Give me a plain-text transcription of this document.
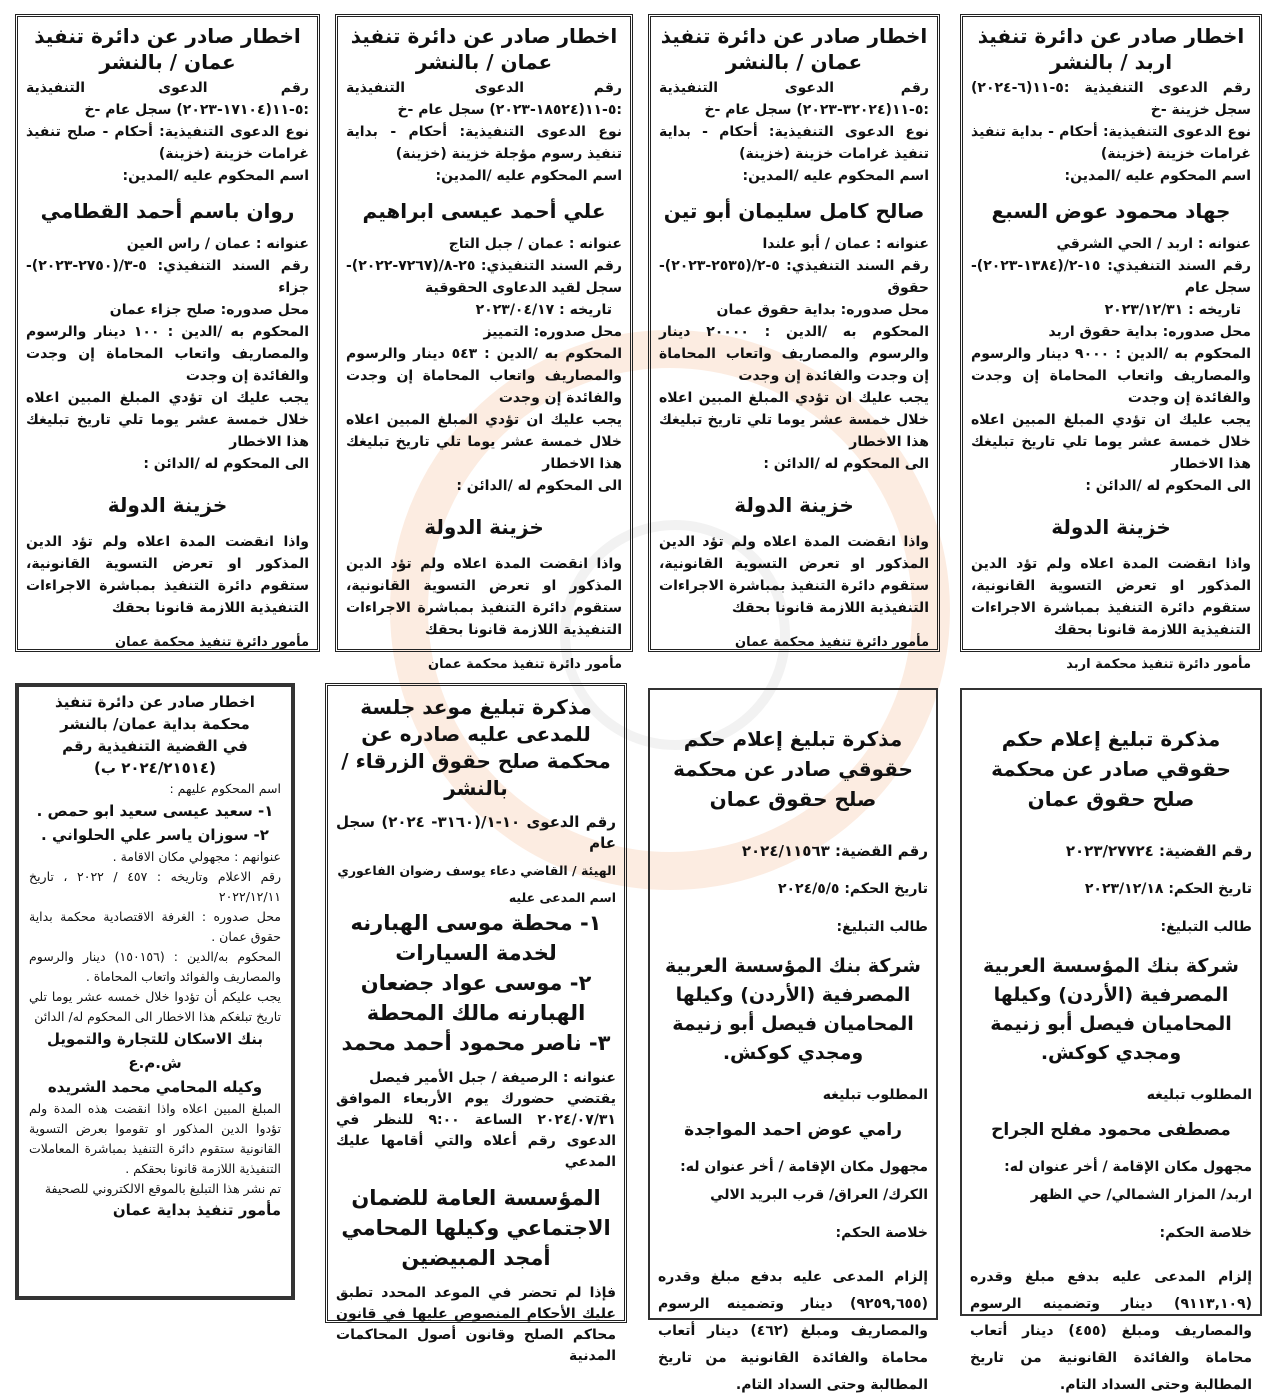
اخطار صادر عن دائرة تنفيذ اربد / بالنشر
رقم الدعوى التنفيذية :٥-١١(٦-٢٠٢٤) سجل خزينة -خ
نوع الدعوى التنفيذية: أحكام - بداية تنفيذ غرامات خزينة (خزينة)
اسم المحكوم عليه /المدين:
جهاد محمود عوض السبع
عنوانه : اربد / الحي الشرقي
رقم السند التنفيذي: ١٥-٢/(١٣٨٤-٢٠٢٣)- سجل عام
تاريخه : ٢٠٢٣/١٢/٣١
محل صدوره: بداية حقوق اربد
المحكوم به /الدين : ٩٠٠٠ دينار والرسوم والمصاريف واتعاب المحاماة إن وجدت والفائدة إن وجدت
يجب عليك ان تؤدي المبلغ المبين اعلاه خلال خمسة عشر يوما تلي تاريخ تبليغك هذا الاخطار
الى المحكوم له /الدائن :
خزينة الدولة
واذا انقضت المدة اعلاه ولم تؤد الدين المذكور او تعرض التسوية القانونية، ستقوم دائرة التنفيذ بمباشرة الاجراءات التنفيذية اللازمة قانونا بحقك
مأمور دائرة تنفيذ محكمة اربد
اخطار صادر عن دائرة تنفيذ عمان / بالنشر
رقم الدعوى التنفيذية :٥-١١(٣٢٠٢٤-٢٠٢٣) سجل عام -خ
نوع الدعوى التنفيذية: أحكام - بداية تنفيذ غرامات خزينة (خزينة)
اسم المحكوم عليه /المدين:
صالح كامل سليمان أبو تين
عنوانه : عمان / أبو علندا
رقم السند التنفيذي: ٥-٢/(٢٥٣٥-٢٠٢٣)- حقوق
محل صدوره: بداية حقوق عمان
المحكوم به /الدين : ٢٠٠٠٠ دينار والرسوم والمصاريف واتعاب المحاماة إن وجدت والفائدة إن وجدت
يجب عليك ان تؤدي المبلغ المبين اعلاه خلال خمسة عشر يوما تلي تاريخ تبليغك هذا الاخطار
الى المحكوم له /الدائن :
خزينة الدولة
واذا انقضت المدة اعلاه ولم تؤد الدين المذكور او تعرض التسوية القانونية، ستقوم دائرة التنفيذ بمباشرة الاجراءات التنفيذية اللازمة قانونا بحقك
مأمور دائرة تنفيذ محكمة عمان
اخطار صادر عن دائرة تنفيذ عمان / بالنشر
رقم الدعوى التنفيذية :٥-١١(١٨٥٢٤-٢٠٢٣) سجل عام -خ
نوع الدعوى التنفيذية: أحكام - بداية تنفيذ رسوم مؤجلة خزينة (خزينة)
اسم المحكوم عليه /المدين:
علي أحمد عيسى ابراهيم
عنوانه : عمان / جبل التاج
رقم السند التنفيذي: ٢٥-٨/(٧٢٦٧-٢٠٢٢)- سجل لقيد الدعاوى الحقوقية
تاريخه : ٢٠٢٣/٠٤/١٧
محل صدوره: التمييز
المحكوم به /الدين : ٥٤٣ دينار والرسوم والمصاريف واتعاب المحاماة إن وجدت والفائدة إن وجدت
يجب عليك ان تؤدي المبلغ المبين اعلاه خلال خمسة عشر يوما تلي تاريخ تبليغك هذا الاخطار
الى المحكوم له /الدائن :
خزينة الدولة
واذا انقضت المدة اعلاه ولم تؤد الدين المذكور او تعرض التسوية القانونية، ستقوم دائرة التنفيذ بمباشرة الاجراءات التنفيذية اللازمة قانونا بحقك
مأمور دائرة تنفيذ محكمة عمان
اخطار صادر عن دائرة تنفيذ عمان / بالنشر
رقم الدعوى التنفيذية :٥-١١(١٧١٠٤-٢٠٢٣) سجل عام -خ
نوع الدعوى التنفيذية: أحكام - صلح تنفيذ غرامات خزينة (خزينة)
اسم المحكوم عليه /المدين:
روان باسم أحمد القطامي
عنوانه : عمان / راس العين
رقم السند التنفيذي: ٥-٣/(٢٧٥٠-٢٠٢٣)- جزاء
محل صدوره: صلح جزاء عمان
المحكوم به /الدين : ١٠٠ دينار والرسوم والمصاريف واتعاب المحاماة إن وجدت والفائدة إن وجدت
يجب عليك ان تؤدي المبلغ المبين اعلاه خلال خمسة عشر يوما تلي تاريخ تبليغك هذا الاخطار
الى المحكوم له /الدائن :
خزينة الدولة
واذا انقضت المدة اعلاه ولم تؤد الدين المذكور او تعرض التسوية القانونية، ستقوم دائرة التنفيذ بمباشرة الاجراءات التنفيذية اللازمة قانونا بحقك
مأمور دائرة تنفيذ محكمة عمان
مذكرة تبليغ إعلام حكم حقوقي صادر عن محكمة صلح حقوق عمان
رقم القضية: ٢٠٢٣/٢٧٧٢٤
تاريخ الحكم: ٢٠٢٣/١٢/١٨
طالب التبليغ:
شركة بنك المؤسسة العربية المصرفية (الأردن) وكيلها المحاميان فيصل أبو زنيمة ومجدي كوكش.
المطلوب تبليغه
مصطفى محمود مفلح الجراح
مجهول مكان الإقامة / أخر عنوان له:
اربد/ المزار الشمالي/ حي الظهر
خلاصة الحكم:
إلزام المدعى عليه بدفع مبلغ وقدره (٩١١٣,١٠٩) دينار وتضمينه الرسوم والمصاريف ومبلغ (٤٥٥) دينار أتعاب محاماة والفائدة القانونية من تاريخ المطالبة وحتى السداد التام.
مذكرة تبليغ إعلام حكم حقوقي صادر عن محكمة صلح حقوق عمان
رقم القضية: ٢٠٢٤/١١٥٦٣
تاريخ الحكم: ٢٠٢٤/٥/٥
طالب التبليغ:
شركة بنك المؤسسة العربية المصرفية (الأردن) وكيلها المحاميان فيصل أبو زنيمة ومجدي كوكش.
المطلوب تبليغه
رامي عوض احمد المواجدة
مجهول مكان الإقامة / أخر عنوان له:
الكرك/ العراق/ قرب البريد الالي
خلاصة الحكم:
إلزام المدعى عليه بدفع مبلغ وقدره (٩٢٥٩,٦٥٥) دينار وتضمينه الرسوم والمصاريف ومبلغ (٤٦٢) دينار أتعاب محاماة والفائدة القانونية من تاريخ المطالبة وحتى السداد التام.
مذكرة تبليغ موعد جلسة للمدعى عليه صادره عن محكمة صلح حقوق الزرقاء / بالنشر
رقم الدعوى ١٠-١/(٣١٦٠- ٢٠٢٤) سجل عام
الهيئة / القاضي دعاء يوسف رضوان الفاعوري
اسم المدعى عليه
١- محطة موسى الهبارنه لخدمة السيارات
٢- موسى عواد جضعان الهبارنه مالك المحطة
٣- ناصر محمود أحمد محمد
عنوانه : الرصيفة / جبل الأمير فيصل
يقتضي حضورك يوم الأربعاء الموافق ٢٠٢٤/٠٧/٣١ الساعة ٩:٠٠ للنظر في الدعوى رقم أعلاه والتي أقامها عليك المدعي
المؤسسة العامة للضمان الاجتماعي وكيلها المحامي أمجد المبيضين
فإذا لم تحضر في الموعد المحدد تطبق عليك الأحكام المنصوص عليها في قانون محاكم الصلح وقانون أصول المحاكمات المدنية
اخطار صادر عن دائرة تنفيذ
محكمة بداية عمان/ بالنشر
في القضية التنفيذية رقم
(٢٠٢٤/٢١٥١٤ ب)
اسم المحكوم عليهم :
١- سعيد عيسى سعيد ابو حمص .
٢- سوزان ياسر علي الحلواني .
عنوانهم : مجهولي مكان الاقامة .
رقم الاعلام وتاريخه : ٤٥٧ / ٢٠٢٢ ، تاريخ ٢٠٢٢/١٢/١١
محل صدوره : الغرفة الاقتصادية محكمة بداية حقوق عمان .
المحكوم به/الدين : (١٥٠١٥٦) دينار والرسوم والمصاريف والفوائد واتعاب المحاماة .
يجب عليكم أن تؤدوا خلال خمسه عشر يوما تلي تاريخ تبلغكم هذا الاخطار الى المحكوم له/ الدائن
بنك الاسكان للتجارة والتمويل ش.م.ع
وكيله المحامي محمد الشريده
المبلغ المبين اعلاه واذا انقضت هذه المدة ولم تؤدوا الدين المذكور او تقوموا بعرض التسوية القانونية ستقوم دائرة التنفيذ بمباشرة المعاملات التنفيذية اللازمة قانونا بحقكم .
تم نشر هذا التبليغ بالموقع الالكتروني للصحيفة
مأمور تنفيذ بداية عمان
